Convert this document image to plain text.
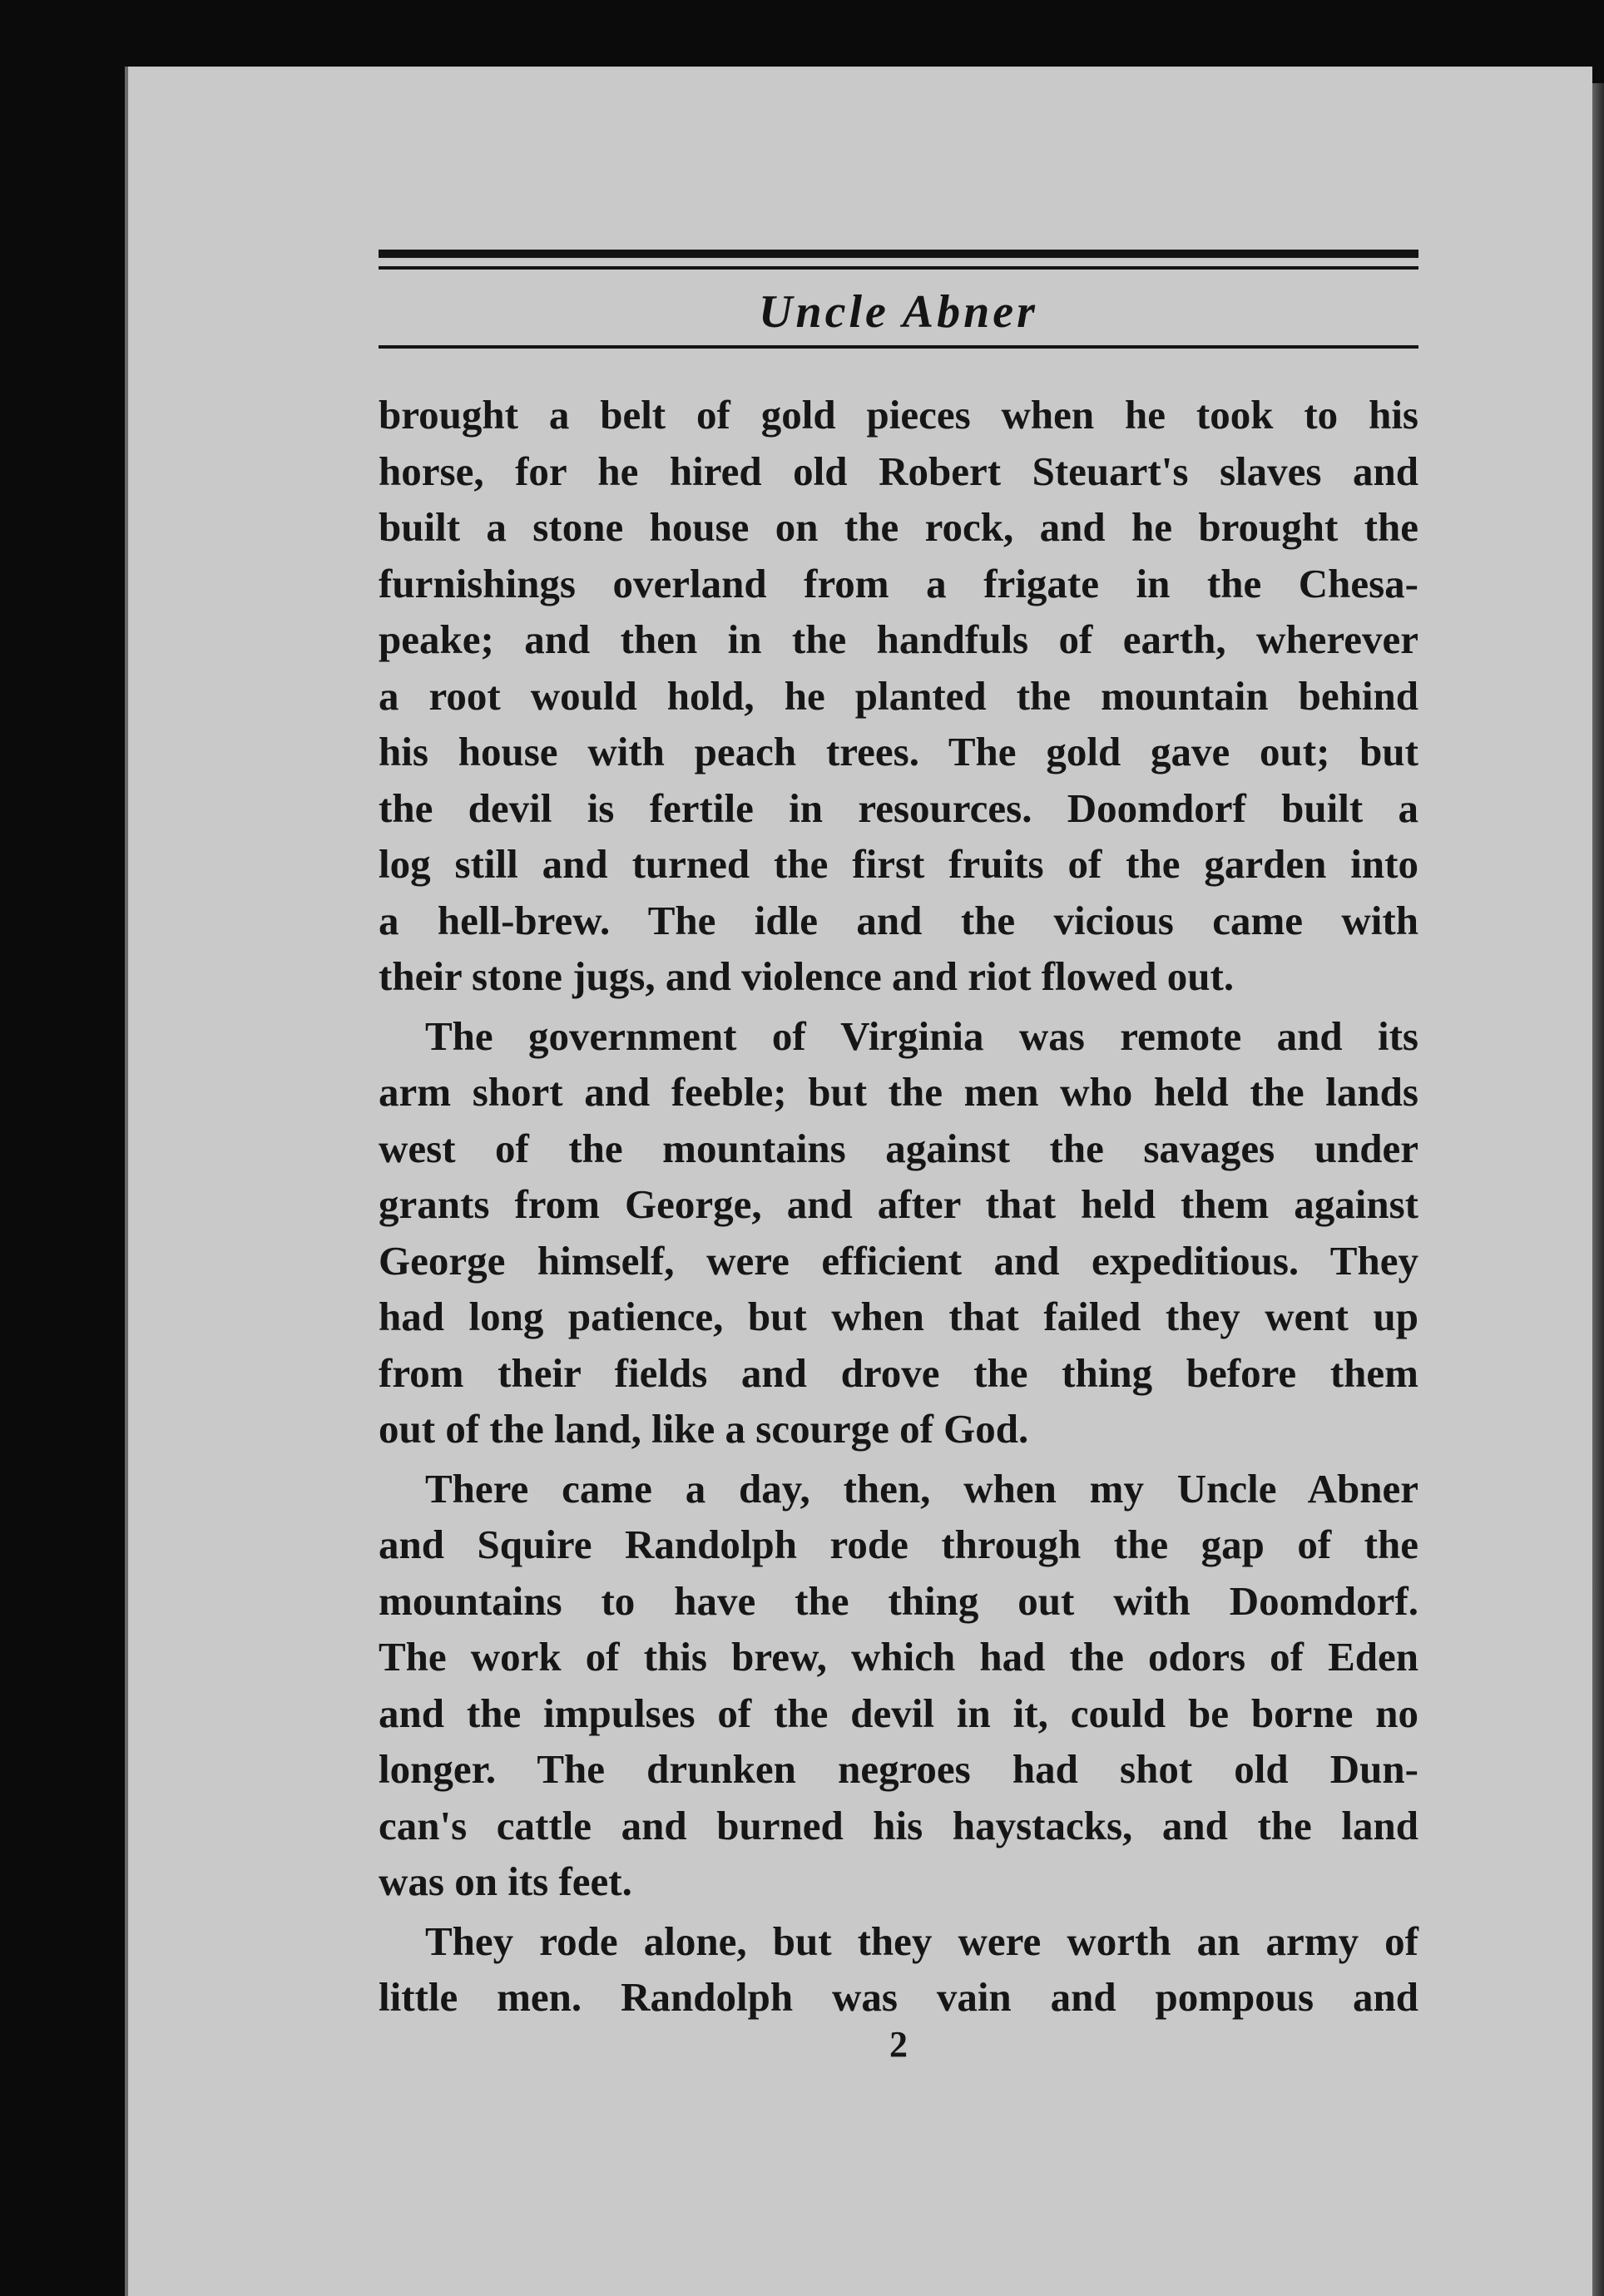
Uncle Abner
brought a belt of gold pieces when he took to his
horse, for he hired old Robert Steuart's slaves and
built a stone house on the rock, and he brought the
furnishings overland from a frigate in the Chesa-
peake; and then in the handfuls of earth, wherever
a root would hold, he planted the mountain behind
his house with peach trees. The gold gave out; but
the devil is fertile in resources. Doomdorf built a
log still and turned the first fruits of the garden into
a hell-brew. The idle and the vicious came with
their stone jugs, and violence and riot flowed out.
The government of Virginia was remote and its
arm short and feeble; but the men who held the lands
west of the mountains against the savages under
grants from George, and after that held them against
George himself, were efficient and expeditious. They
had long patience, but when that failed they went up
from their fields and drove the thing before them
out of the land, like a scourge of God.
There came a day, then, when my Uncle Abner
and Squire Randolph rode through the gap of the
mountains to have the thing out with Doomdorf.
The work of this brew, which had the odors of Eden
and the impulses of the devil in it, could be borne no
longer. The drunken negroes had shot old Dun-
can's cattle and burned his haystacks, and the land
was on its feet.
They rode alone, but they were worth an army of
little men. Randolph was vain and pompous and
2
